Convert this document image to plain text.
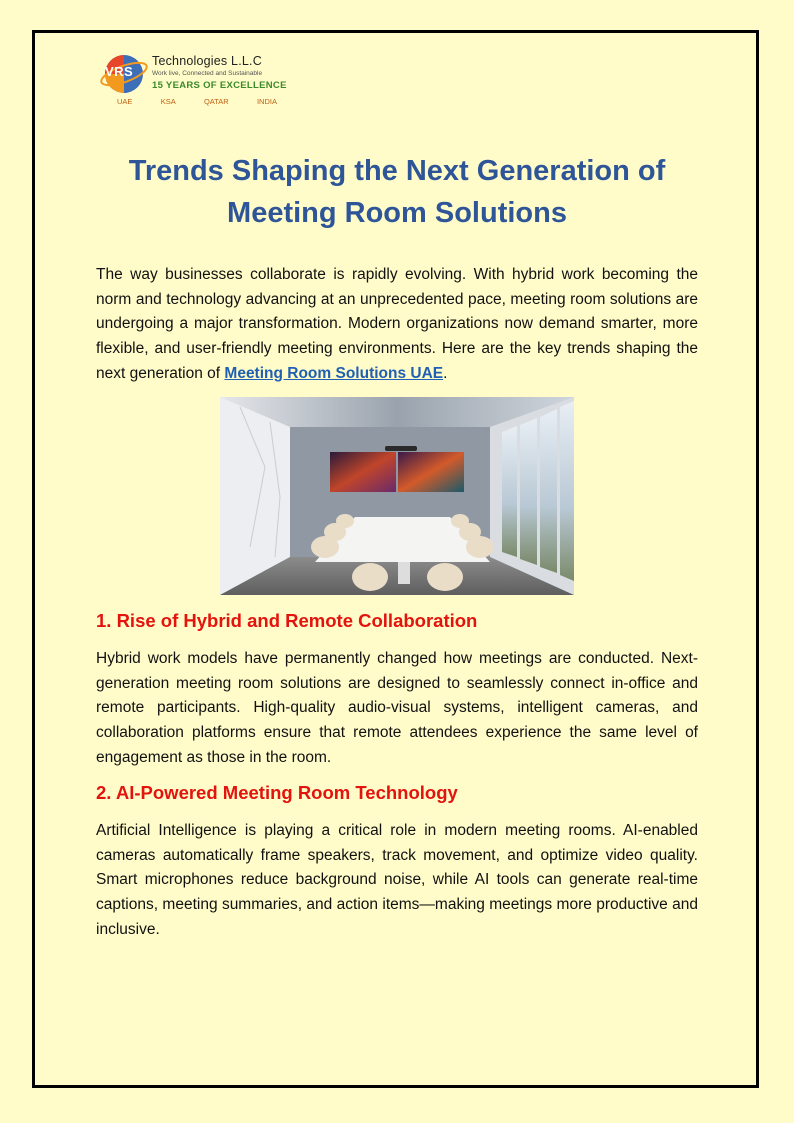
VRS
Technologies L.L.C
Work live, Connected and Sustainable
15 YEARS OF EXCELLENCE
UAE	KSA	QATAR	INDIA
Trends Shaping the Next Generation of Meeting Room Solutions

The way businesses collaborate is rapidly evolving. With hybrid work becoming the norm and technology advancing at an unprecedented pace, meeting room solutions are undergoing a major transformation. Modern organizations now demand smarter, more flexible, and user-friendly meeting environments. Here are the key trends shaping the next generation of Meeting Room Solutions UAE.

1. Rise of Hybrid and Remote Collaboration

Hybrid work models have permanently changed how meetings are conducted. Next-generation meeting room solutions are designed to seamlessly connect in-office and remote participants. High-quality audio-visual systems, intelligent cameras, and collaboration platforms ensure that remote attendees experience the same level of engagement as those in the room.

2. AI-Powered Meeting Room Technology

Artificial Intelligence is playing a critical role in modern meeting rooms. AI-enabled cameras automatically frame speakers, track movement, and optimize video quality. Smart microphones reduce background noise, while AI tools can generate real-time captions, meeting summaries, and action items—making meetings more productive and inclusive.
